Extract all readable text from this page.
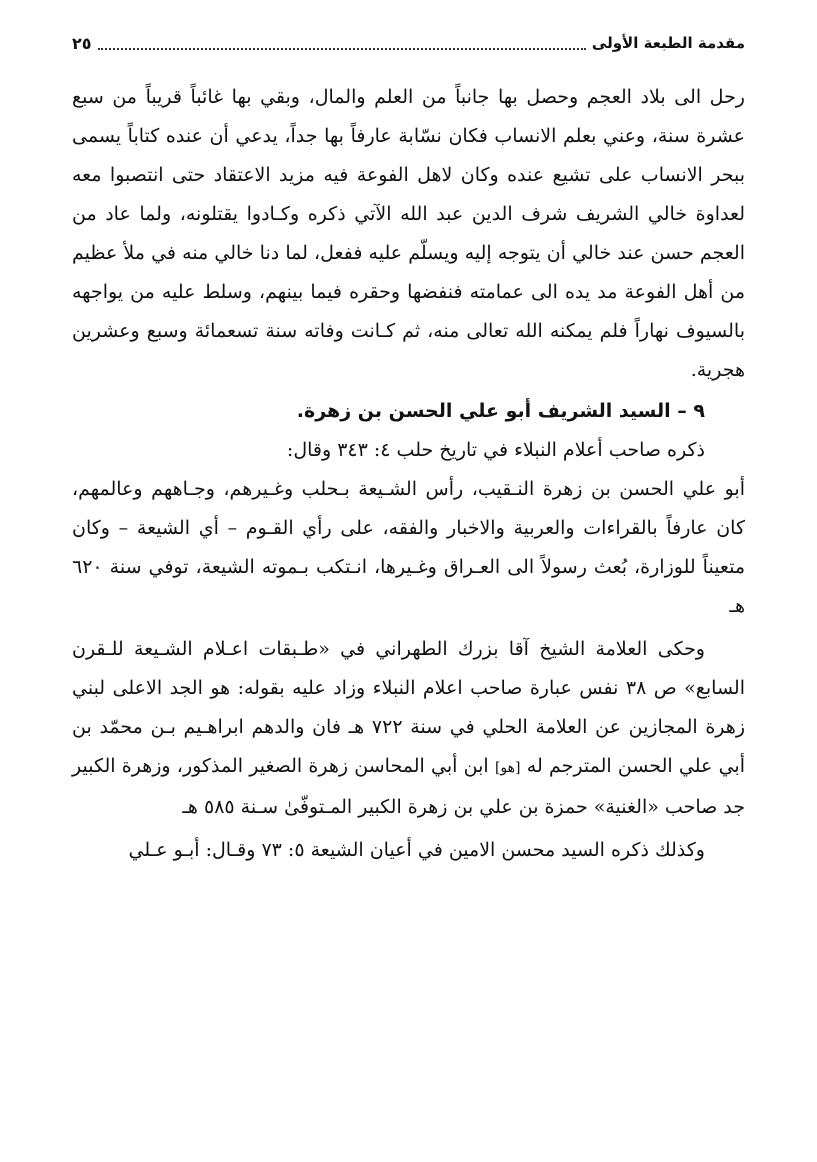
مقدمة الطبعة الأولى
٢٥

رحل الى بلاد العجم وحصل بها جانباً من العلم والمال، وبقي بها غائباً قريباً من سبع عشرة سنة، وعني بعلم الانساب فكان نسّابة عارفاً بها جداً، يدعي أن عنده كتاباً يسمى ببحر الانساب على تشيع عنده وكان لاهل الفوعة فيه مزيد الاعتقاد حتى انتصبوا معه لعداوة خالي الشريف شرف الدين عبد الله الآتي ذكره وكـادوا يقتلونه، ولما عاد من العجم حسن عند خالي أن يتوجه إليه ويسلّم عليه ففعل، لما دنا خالي منه في ملأ عظيم من أهل الفوعة مد يده الى عمامته فنفضها وحقره فيما بينهم، وسلط عليه من يواجهه بالسيوف نهاراً فلم يمكنه الله تعالى منه، ثم كـانت وفاته سنة تسعمائة وسبع وعشرين هجرية.

٩ – السيد الشريف أبو علي الحسن بن زهرة.

ذكره صاحب أعلام النبلاء في تاريخ حلب ٤: ٣٤٣ وقال:

أبو علي الحسن بن زهرة النـقيب، رأس الشـيعة بـحلب وغـيرهم، وجـاههم وعالمهم، كان عارفاً بالقراءات والعربية والاخبار والفقه، على رأي القـوم – أي الشيعة – وكان متعيناً للوزارة، بُعث رسولاً الى العـراق وغـيرها، انـتكب بـموته الشيعة، توفي سنة ٦٢٠ هـ

وحكى العلامة الشيخ آقا بزرك الطهراني في «طـبقات اعـلام الشـيعة للـقرن السابع» ص ٣٨ نفس عبارة صاحب اعلام النبلاء وزاد عليه بقوله: هو الجد الاعلى لبني زهرة المجازين عن العلامة الحلي في سنة ٧٢٢ هـ فان والدهم ابراهـيم بـن محمّد بن أبي علي الحسن المترجم له [هو] ابن أبي المحاسن زهرة الصغير المذكور، وزهرة الكبير جد صاحب «الغنية» حمزة بن علي بن زهرة الكبير المـتوفّىٰ سـنة ٥٨٥ هـ

وكذلك ذكره السيد محسن الامين في أعيان الشيعة ٥: ٧٣ وقـال: أبـو عـلي
